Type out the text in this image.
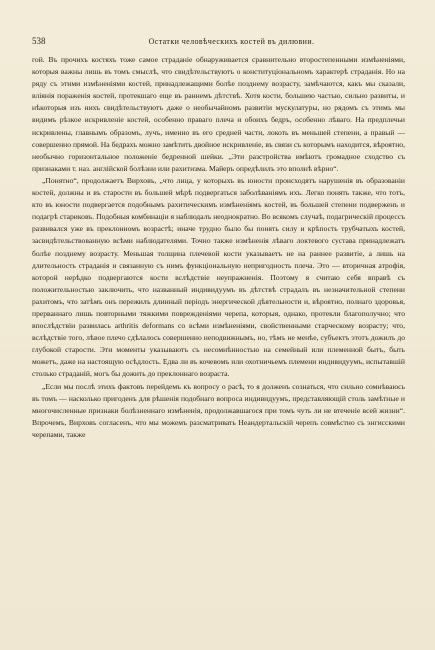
538	Остатки человѣческихъ костей въ дилювии.

гой. Въ прочихъ костяхъ тоже самое страданіе обнаруживается сравнительно второстепенными измѣненіями, которыя важны лишь въ томъ смыслѣ, что свидѣтельствуютъ о конституціональномъ характерѣ страданія. Но на ряду съ этими измѣненіями костей, принадлежащими болѣе позднему возрасту, замѣчаются, какъ мы сказали, вліянія пораженія костей, протекшаго еще въ раннемъ дѣтствѣ. Хотя кости, большею частью, сильно развиты, и нѣкоторыя изъ нихъ свидѣтельствуютъ даже о необычайномъ развитіи мускулатуры, но рядомъ съ этимъ мы видимъ рѣзкое искривленіе костей, особенно праваго плеча и обоихъ бедръ, особенно лѣваго. На предплечьи искривлены, главнымъ образомъ, лучъ, именно въ его средней части, локоть въ меньшей степени, а правый — совершенно прямой. На бедрахъ можно замѣтить двойное искривленіе, въ связи съ которымъ находится, вѣроятно, необычно горизонтальное положеніе бедренной шейки. „Эти разстройства имѣютъ громадное сходство съ признаками т. наз. англійской болѣзни или рахитизма. Майеръ опредѣлилъ это вполнѣ вѣрно“.

„Понятно“, продолжаетъ Вирховъ, „что лица, у которыхъ въ юности происходятъ нарушенія въ образованіи костей, должны и въ старости въ большей мѣрѣ подвергаться заболѣваніямъ ихъ. Легко понять также, что тотъ, кто въ юности подвергается подобнымъ рахитическимъ измѣненіямъ костей, въ большей степени подверженъ и подагрѣ стариковъ. Подобныя комбинаціи я наблюдалъ неоднократно. Во всякомъ случаѣ, подагрическій процессъ развивался уже въ преклонномъ возрастѣ; иначе трудно было бы понять силу и крѣпость трубчатыхъ костей, засвидѣтельствованную всѣми наблюдателями. Точно также измѣненія лѣваго локтевого сустава принадлежатъ болѣе позднему возрасту. Меньшая толщина плечевой кости указываетъ не на раннее развитіе, а лишь на длительность страданія и связанную съ нимъ функціональную непригодность плеча. Это — вторичная атрофія, которой нерѣдко подвергаются кости вслѣдствіе неупражненія. Поэтому я считаю себя вправѣ съ положительностью заключить, что названный индивидуумъ въ дѣтствѣ страдалъ въ незначительной степени рахитомъ, что затѣмъ онъ пережилъ длинный періодъ энергической дѣятельности и, вѣроятно, полнаго здоровья, прерваннаго лишь повторными тяжкими поврежденіями черепа, которыя, однако, протекли благополучно; что впослѣдствіи развилась arthritis deformans со всѣми измѣненіями, свойственными старческому возрасту; что, вслѣдствіе того, лѣвое плечо сдѣлалось совершенно неподвижнымъ, но, тѣмъ не менѣе, субъектъ этотъ дожилъ до глубокой старости. Эти моменты указываютъ съ несомнѣнностью на семейный или племенной бытъ, быть можетъ, даже на настоящую осѣдлость. Едва ли въ кочевомъ или охотничьемъ племени индивидуумъ, испытавшій столько страданій, могъ бы дожить до преклоннаго возраста.

„Если мы послѣ этихъ фактовъ перейдемъ къ вопросу о расѣ, то я долженъ сознаться, что сильно сомнѣваюсь въ томъ — насколько пригоденъ для рѣшенія подобнаго вопроса индивидуумъ, представляющій столь замѣтные и многочисленные признаки болѣзненнаго измѣненія, продолжавшагося при томъ чуть ли не втеченіе всей жизни“. Впрочемъ, Вирховъ согласенъ, что мы можемъ разсматривать Неандертальскій черепъ совмѣстно съ энгисскими черепами, также
